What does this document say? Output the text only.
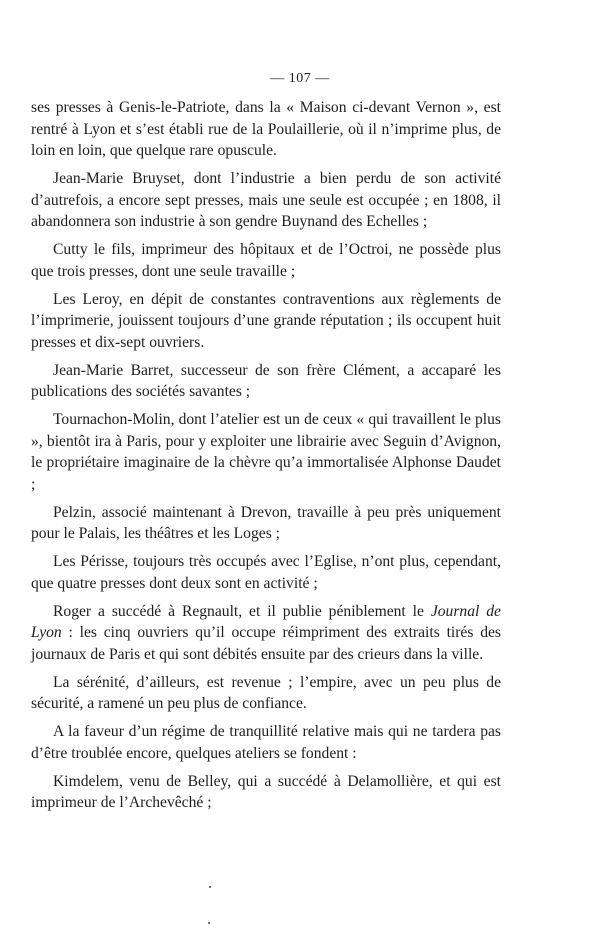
— 107 —

ses presses à Genis-le-Patriote, dans la « Maison ci-devant Vernon », est rentré à Lyon et s’est établi rue de la Poulaillerie, où il n’imprime plus, de loin en loin, que quelque rare opuscule.

Jean-Marie Bruyset, dont l’industrie a bien perdu de son activité d’autrefois, a encore sept presses, mais une seule est occupée ; en 1808, il abandonnera son industrie à son gendre Buynand des Echelles ;

Cutty le fils, imprimeur des hôpitaux et de l’Octroi, ne possède plus que trois presses, dont une seule travaille ;

Les Leroy, en dépit de constantes contraventions aux règlements de l’imprimerie, jouissent toujours d’une grande réputation ; ils occupent huit presses et dix-sept ouvriers.

Jean-Marie Barret, successeur de son frère Clément, a accaparé les publications des sociétés savantes ;

Tournachon-Molin, dont l’atelier est un de ceux « qui travaillent le plus », bientôt ira à Paris, pour y exploiter une librairie avec Seguin d’Avignon, le propriétaire imaginaire de la chèvre qu’a immortalisée Alphonse Daudet ;

Pelzin, associé maintenant à Drevon, travaille à peu près uniquement pour le Palais, les théâtres et les Loges ;

Les Périsse, toujours très occupés avec l’Eglise, n’ont plus, cependant, que quatre presses dont deux sont en activité ;

Roger a succédé à Regnault, et il publie péniblement le Journal de Lyon : les cinq ouvriers qu’il occupe réimpriment des extraits tirés des journaux de Paris et qui sont débités ensuite par des crieurs dans la ville.

La sérénité, d’ailleurs, est revenue ; l’empire, avec un peu plus de sécurité, a ramené un peu plus de confiance.

A la faveur d’un régime de tranquillité relative mais qui ne tardera pas d’être troublée encore, quelques ateliers se fondent :

Kimdelem, venu de Belley, qui a succédé à Delamollière, et qui est imprimeur de l’Archevêché ;
